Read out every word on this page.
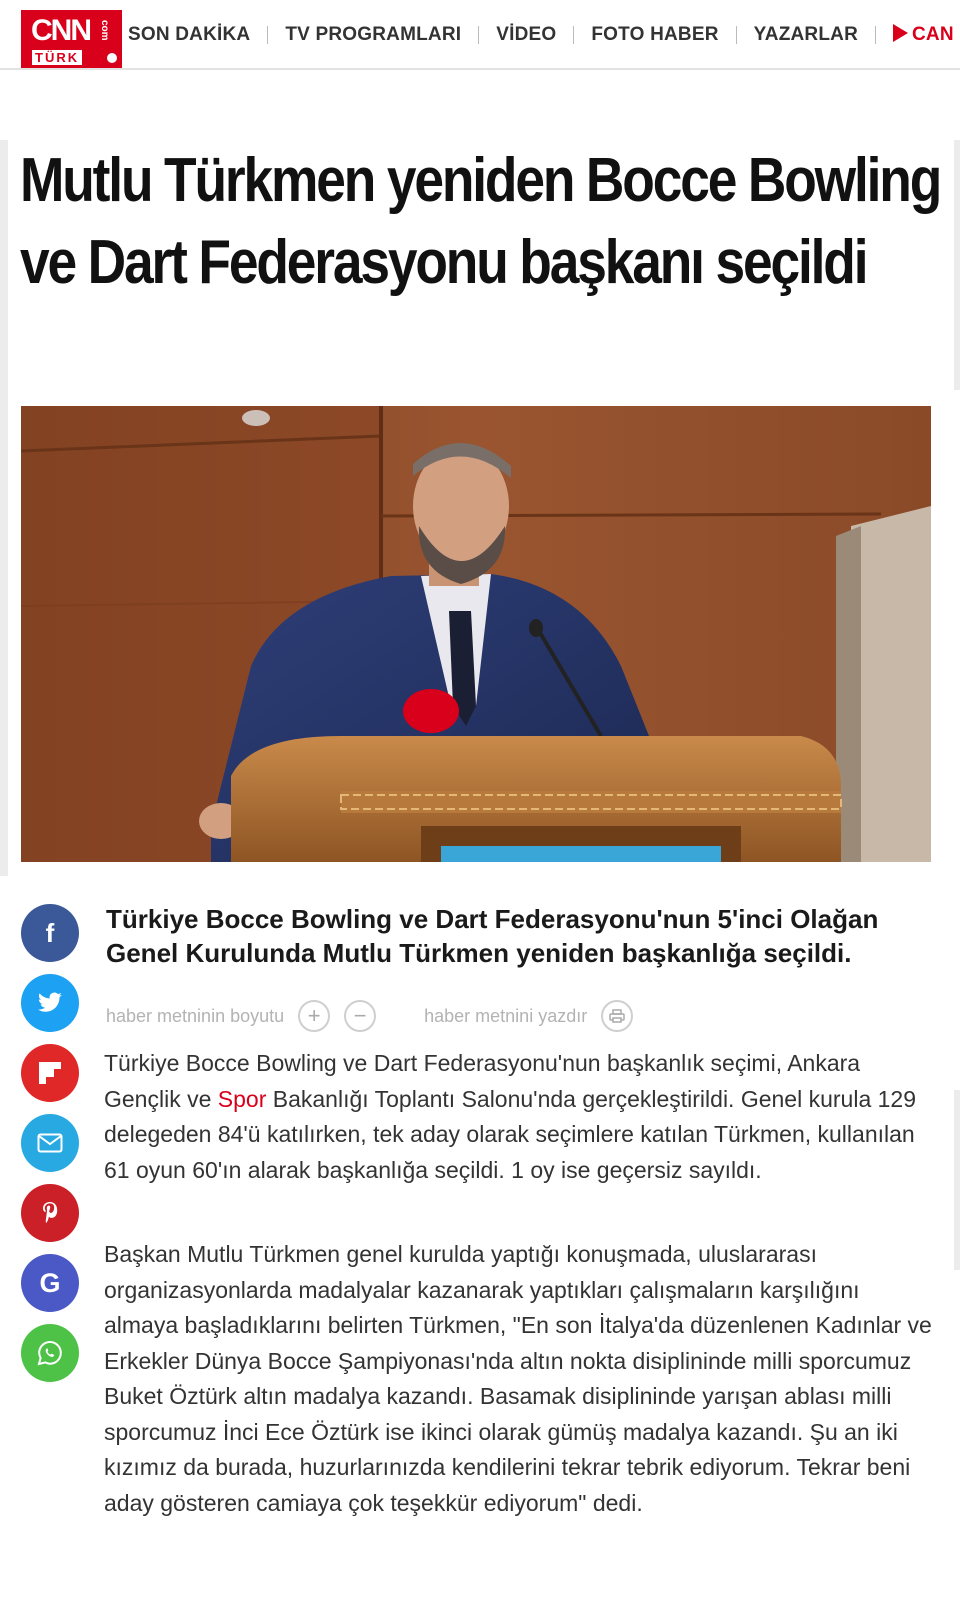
CNN com
TÜRK
SON DAKİKA TV PROGRAMLARI VİDEO FOTO HABER YAZARLAR	CAN
Mutlu Türkmen yeniden Bocce Bowling ve Dart Federasyonu başkanı seçildi
f
G

Türkiye Bocce Bowling ve Dart Federasyonu'nun 5'inci Olağan Genel Kurulunda Mutlu Türkmen yeniden başkanlığa seçildi.

haber metninin boyutu + −	haber metnini yazdır

Türkiye Bocce Bowling ve Dart Federasyonu'nun başkanlık seçimi, Ankara Gençlik ve Spor Bakanlığı Toplantı Salonu'nda gerçekleştirildi. Genel kurula 129 delegeden 84'ü katılırken, tek aday olarak seçimlere katılan Türkmen, kullanılan 61 oyun 60'ın alarak başkanlığa seçildi. 1 oy ise geçersiz sayıldı.

Başkan Mutlu Türkmen genel kurulda yaptığı konuşmada, uluslararası organizasyonlarda madalyalar kazanarak yaptıkları çalışmaların karşılığını almaya başladıklarını belirten Türkmen, "En son İtalya'da düzenlenen Kadınlar ve Erkekler Dünya Bocce Şampiyonası'nda altın nokta disiplininde milli sporcumuz Buket Öztürk altın madalya kazandı. Basamak disiplininde yarışan ablası milli sporcumuz İnci Ece Öztürk ise ikinci olarak gümüş madalya kazandı. Şu an iki kızımız da burada, huzurlarınızda kendilerini tekrar tebrik ediyorum. Tekrar beni aday gösteren camiaya çok teşekkür ediyorum" dedi.
